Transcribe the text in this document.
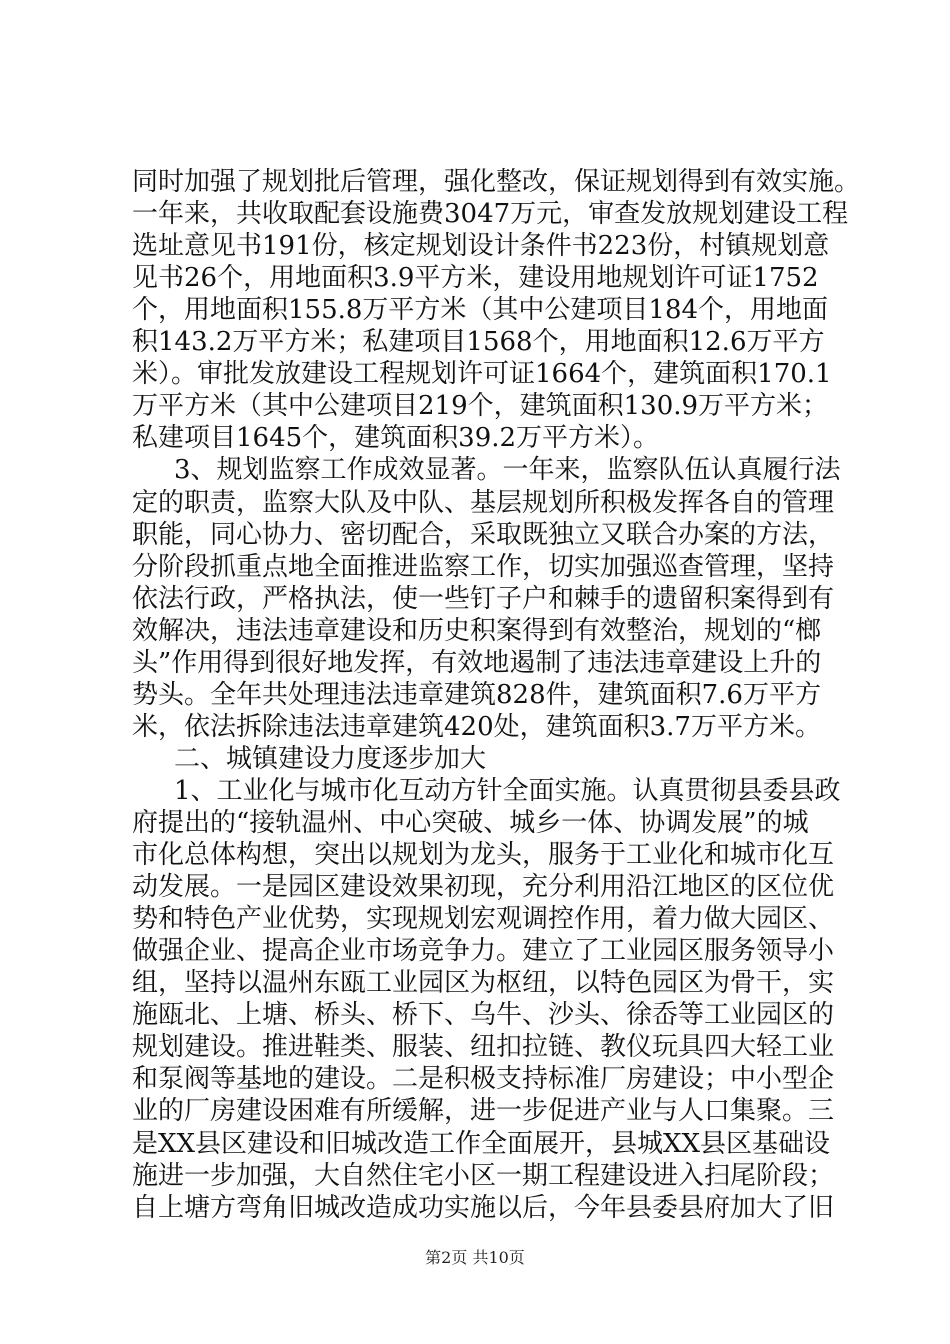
同时加强了规划批后管理，强化整改，保证规划得到有效实施。
一年来，共收取配套设施费3047万元，审查发放规划建设工程
选址意见书191份，核定规划设计条件书223份，村镇规划意
见书26个，用地面积3.9平方米，建设用地规划许可证1752
个，用地面积155.8万平方米（其中公建项目184个，用地面
积143.2万平方米；私建项目1568个，用地面积12.6万平方
米）。审批发放建设工程规划许可证1664个，建筑面积170.1
万平方米（其中公建项目219个，建筑面积130.9万平方米；
私建项目1645个，建筑面积39.2万平方米）。
3、规划监察工作成效显著。一年来，监察队伍认真履行法
定的职责，监察大队及中队、基层规划所积极发挥各自的管理
职能，同心协力、密切配合，采取既独立又联合办案的方法，
分阶段抓重点地全面推进监察工作，切实加强巡查管理，坚持
依法行政，严格执法，使一些钉子户和棘手的遗留积案得到有
效解决，违法违章建设和历史积案得到有效整治，规划的“榔
头”作用得到很好地发挥，有效地遏制了违法违章建设上升的
势头。全年共处理违法违章建筑828件，建筑面积7.6万平方
米，依法拆除违法违章建筑420处，建筑面积3.7万平方米。
二、城镇建设力度逐步加大
1、工业化与城市化互动方针全面实施。认真贯彻县委县政
府提出的“接轨温州、中心突破、城乡一体、协调发展”的城
市化总体构想，突出以规划为龙头，服务于工业化和城市化互
动发展。一是园区建设效果初现，充分利用沿江地区的区位优
势和特色产业优势，实现规划宏观调控作用，着力做大园区、
做强企业、提高企业市场竞争力。建立了工业园区服务领导小
组，坚持以温州东瓯工业园区为枢纽，以特色园区为骨干，实
施瓯北、上塘、桥头、桥下、乌牛、沙头、徐岙等工业园区的
规划建设。推进鞋类、服装、纽扣拉链、教仪玩具四大轻工业
和泵阀等基地的建设。二是积极支持标准厂房建设；中小型企
业的厂房建设困难有所缓解，进一步促进产业与人口集聚。三
是XX县区建设和旧城改造工作全面展开，县城XX县区基础设
施进一步加强，大自然住宅小区一期工程建设进入扫尾阶段；
自上塘方弯角旧城改造成功实施以后，今年县委县府加大了旧
第2页 共10页
